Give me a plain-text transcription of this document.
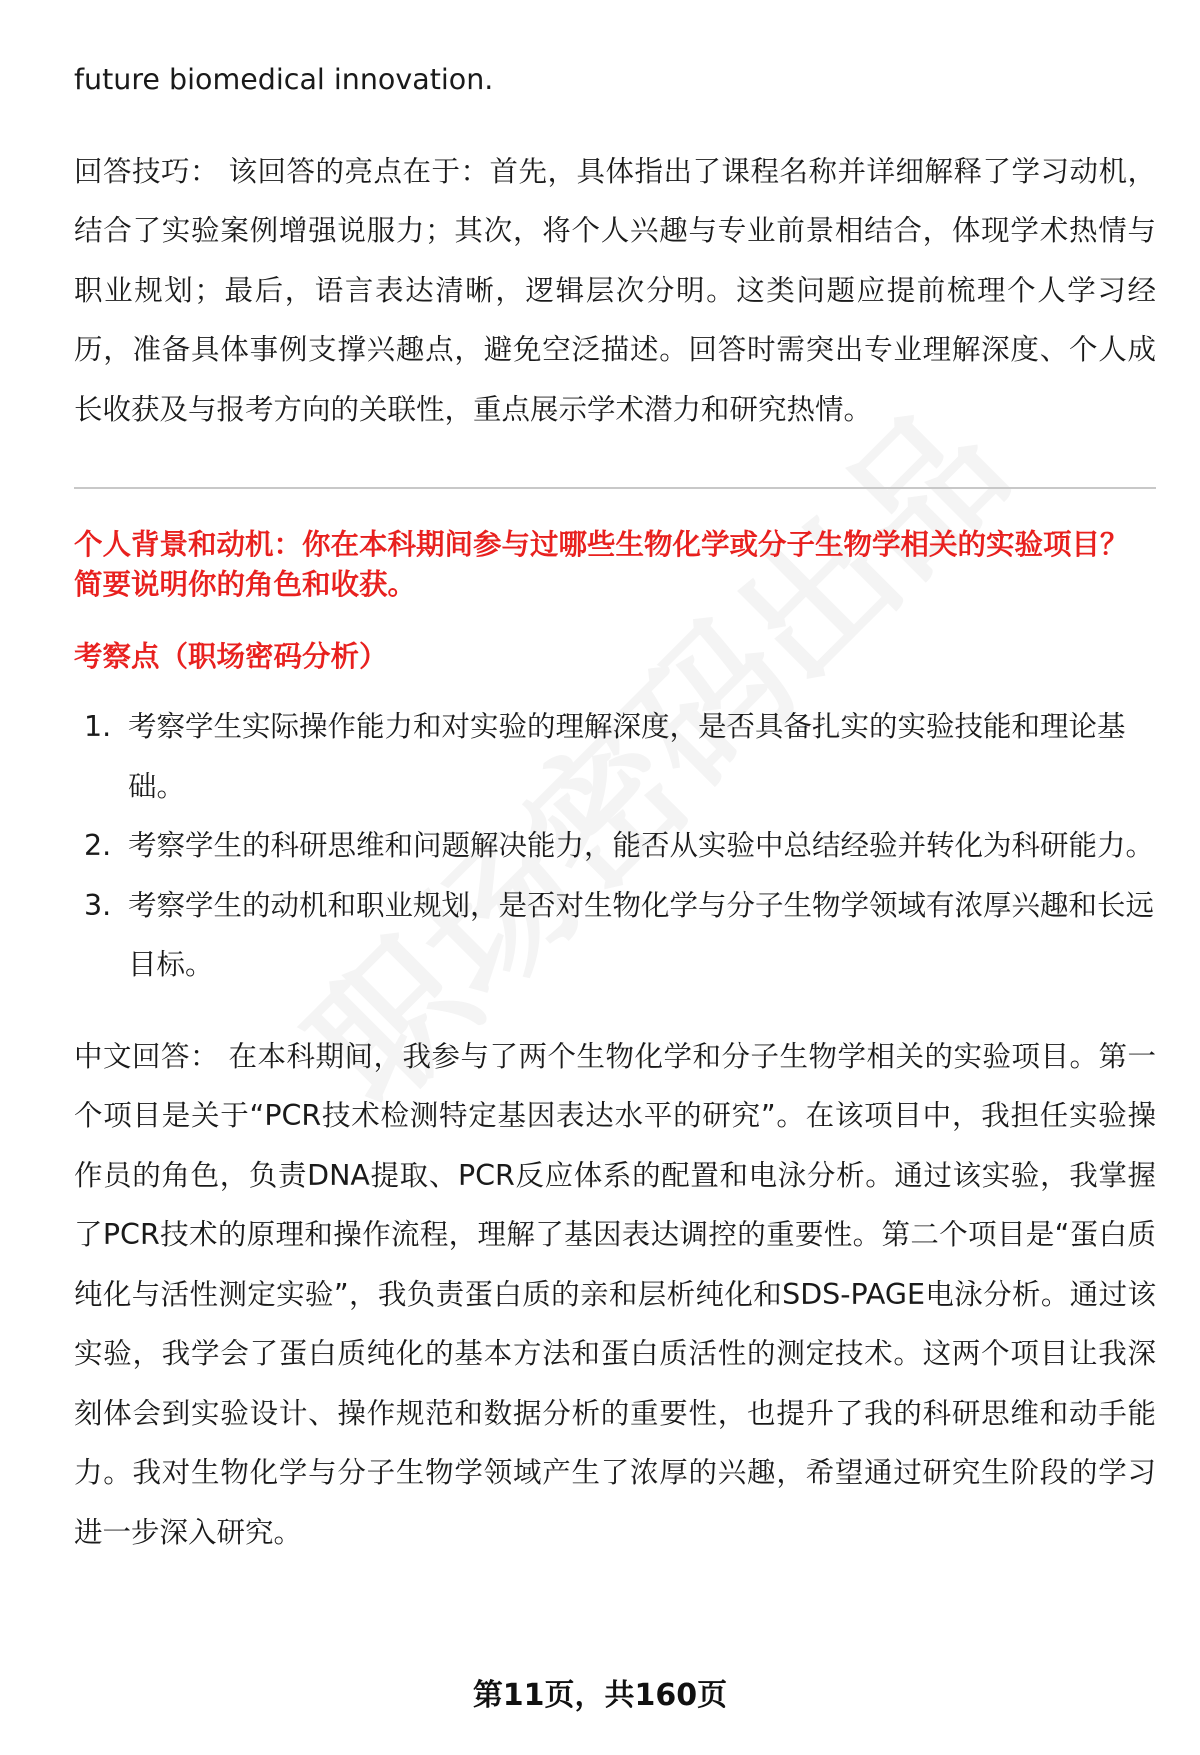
future biomedical innovation.

回答技巧： 该回答的亮点在于：首先，具体指出了课程名称并详细解释了学习动机，结合了实验案例增强说服力；其次，将个人兴趣与专业前景相结合，体现学术热情与职业规划；最后，语言表达清晰，逻辑层次分明。这类问题应提前梳理个人学习经历，准备具体事例支撑兴趣点，避免空泛描述。回答时需突出专业理解深度、个人成长收获及与报考方向的关联性，重点展示学术潜力和研究热情。

个人背景和动机：你在本科期间参与过哪些生物化学或分子生物学相关的实验项目？简要说明你的角色和收获。

考察点（职场密码分析）

1. 考察学生实际操作能力和对实验的理解深度，是否具备扎实的实验技能和理论基础。
2. 考察学生的科研思维和问题解决能力，能否从实验中总结经验并转化为科研能力。
3. 考察学生的动机和职业规划，是否对生物化学与分子生物学领域有浓厚兴趣和长远目标。

中文回答： 在本科期间，我参与了两个生物化学和分子生物学相关的实验项目。第一个项目是关于“PCR技术检测特定基因表达水平的研究”。在该项目中，我担任实验操作员的角色，负责DNA提取、PCR反应体系的配置和电泳分析。通过该实验，我掌握了PCR技术的原理和操作流程，理解了基因表达调控的重要性。第二个项目是“蛋白质纯化与活性测定实验”，我负责蛋白质的亲和层析纯化和SDS-PAGE电泳分析。通过该实验，我学会了蛋白质纯化的基本方法和蛋白质活性的测定技术。这两个项目让我深刻体会到实验设计、操作规范和数据分析的重要性，也提升了我的科研思维和动手能力。我对生物化学与分子生物学领域产生了浓厚的兴趣，希望通过研究生阶段的学习进一步深入研究。

第11页，共160页
